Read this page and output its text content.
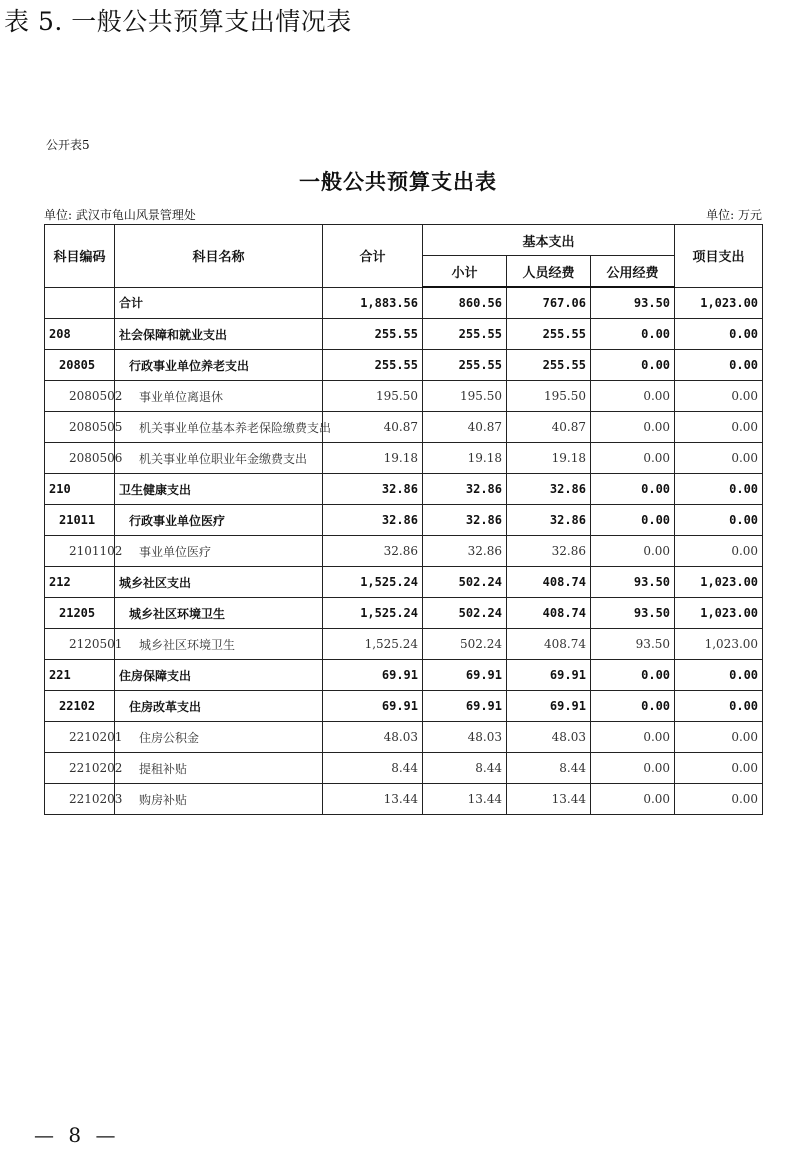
表 5. 一般公共预算支出情况表
公开表5
一般公共预算支出表
单位: 武汉市龟山风景管理处	单位: 万元
科目编码	科目名称	合计	基本支出			项目支出
			小计	人员经费	公用经费	
	合计	1,883.56	860.56	767.06	93.50	1,023.00
208	社会保障和就业支出	255.55	255.55	255.55	0.00	0.00
20805	行政事业单位养老支出	255.55	255.55	255.55	0.00	0.00
2080502	事业单位离退休	195.50	195.50	195.50	0.00	0.00
2080505	机关事业单位基本养老保险缴费支出	40.87	40.87	40.87	0.00	0.00
2080506	机关事业单位职业年金缴费支出	19.18	19.18	19.18	0.00	0.00
210	卫生健康支出	32.86	32.86	32.86	0.00	0.00
21011	行政事业单位医疗	32.86	32.86	32.86	0.00	0.00
2101102	事业单位医疗	32.86	32.86	32.86	0.00	0.00
212	城乡社区支出	1,525.24	502.24	408.74	93.50	1,023.00
21205	城乡社区环境卫生	1,525.24	502.24	408.74	93.50	1,023.00
2120501	城乡社区环境卫生	1,525.24	502.24	408.74	93.50	1,023.00
221	住房保障支出	69.91	69.91	69.91	0.00	0.00
22102	住房改革支出	69.91	69.91	69.91	0.00	0.00
2210201	住房公积金	48.03	48.03	48.03	0.00	0.00
2210202	提租补贴	8.44	8.44	8.44	0.00	0.00
2210203	购房补贴	13.44	13.44	13.44	0.00	0.00
— 8 —
